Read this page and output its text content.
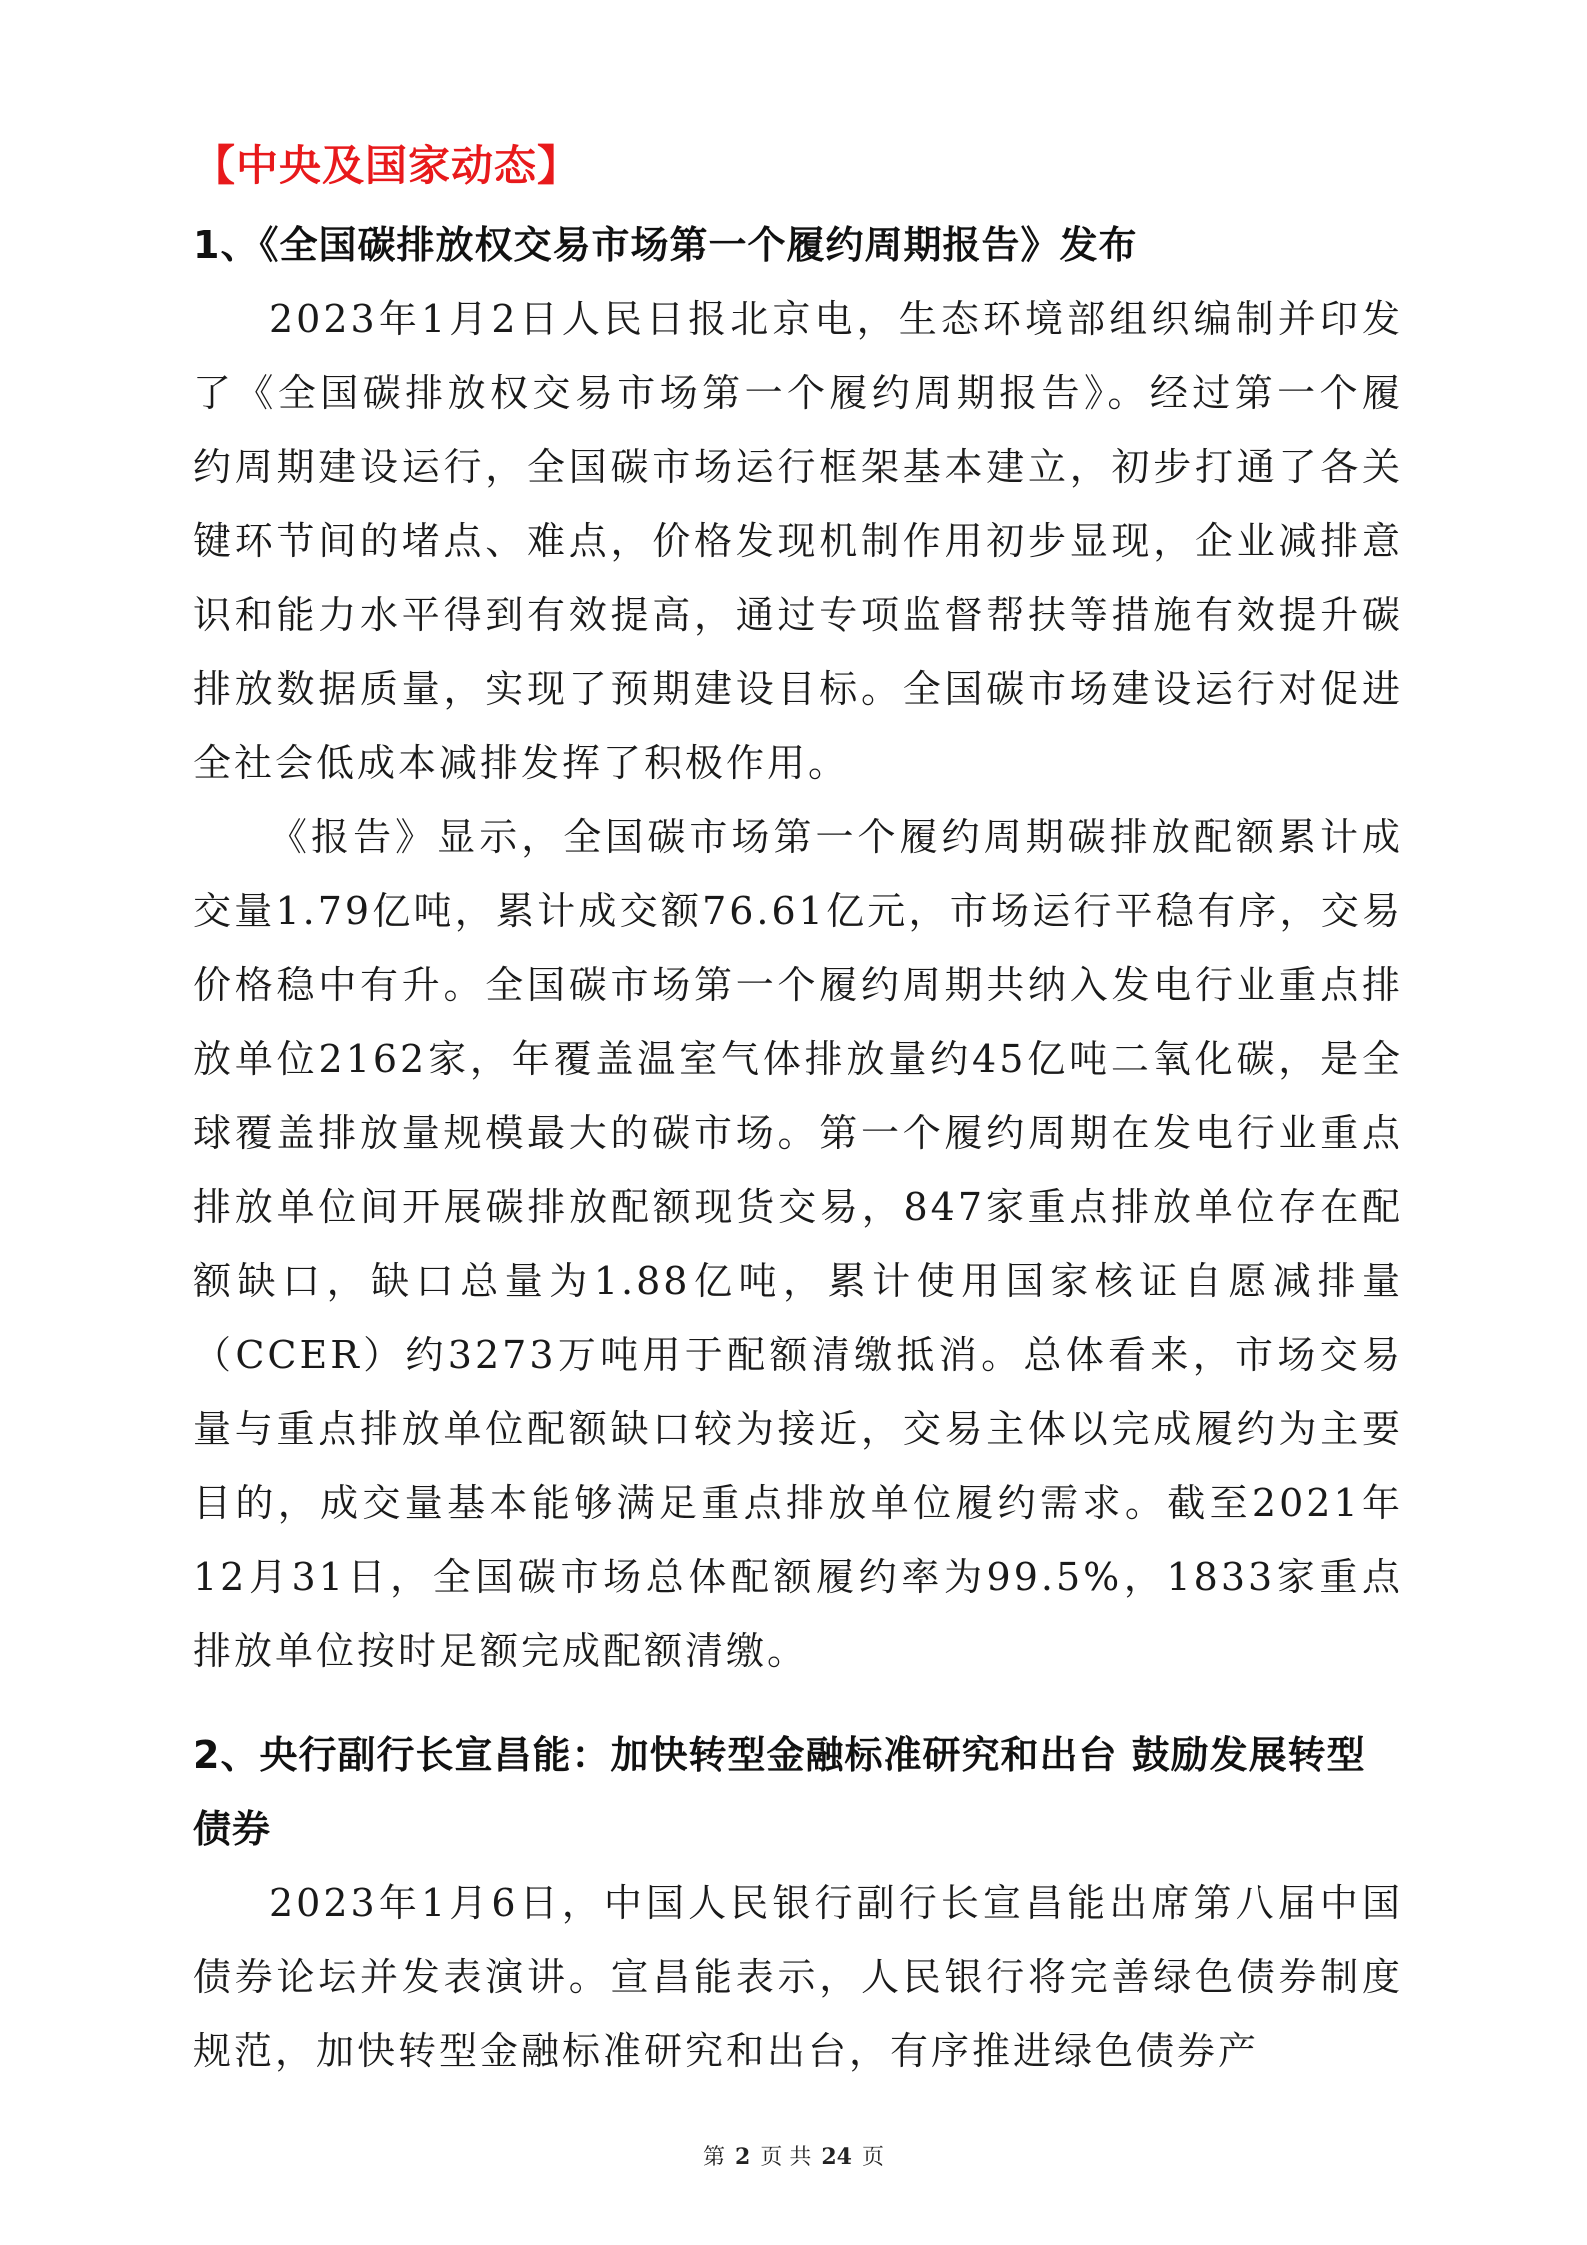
【中央及国家动态】
1、《全国碳排放权交易市场第一个履约周期报告》发布

2023年1月2日人民日报北京电，生态环境部组织编制并印发了《全国碳排放权交易市场第一个履约周期报告》。经过第一个履约周期建设运行，全国碳市场运行框架基本建立，初步打通了各关键环节间的堵点、难点，价格发现机制作用初步显现，企业减排意识和能力水平得到有效提高，通过专项监督帮扶等措施有效提升碳排放数据质量，实现了预期建设目标。全国碳市场建设运行对促进全社会低成本减排发挥了积极作用。

《报告》显示，全国碳市场第一个履约周期碳排放配额累计成交量1.79亿吨，累计成交额76.61亿元，市场运行平稳有序，交易价格稳中有升。全国碳市场第一个履约周期共纳入发电行业重点排放单位2162家，年覆盖温室气体排放量约45亿吨二氧化碳，是全球覆盖排放量规模最大的碳市场。第一个履约周期在发电行业重点排放单位间开展碳排放配额现货交易，847家重点排放单位存在配额缺口，缺口总量为1.88亿吨，累计使用国家核证自愿减排量（CCER）约3273万吨用于配额清缴抵消。总体看来，市场交易量与重点排放单位配额缺口较为接近，交易主体以完成履约为主要目的，成交量基本能够满足重点排放单位履约需求。截至2021年12月31日，全国碳市场总体配额履约率为99.5%，1833家重点排放单位按时足额完成配额清缴。

2、央行副行长宣昌能：加快转型金融标准研究和出台 鼓励发展转型债券

2023年1月6日，中国人民银行副行长宣昌能出席第八届中国债券论坛并发表演讲。宣昌能表示，人民银行将完善绿色债券制度规范，加快转型金融标准研究和出台，有序推进绿色债券产

第 2 页 共 24 页
